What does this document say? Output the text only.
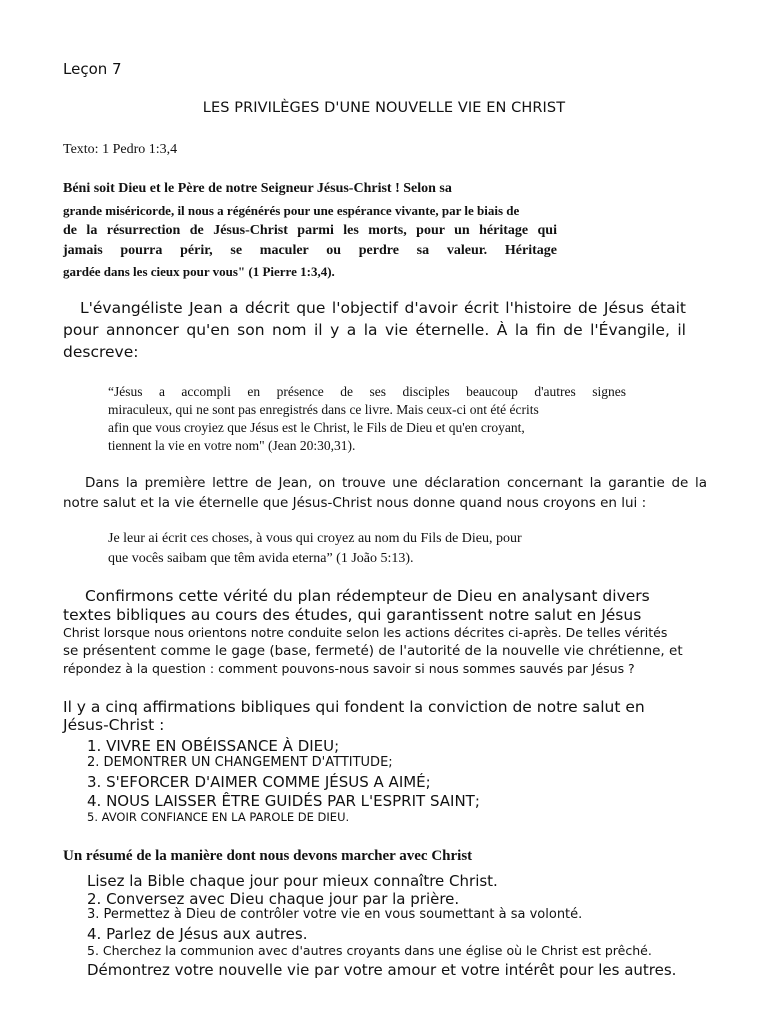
Leçon 7
LES PRIVILÈGES D'UNE NOUVELLE VIE EN CHRIST
Texto: 1 Pedro 1:3,4
Béni soit Dieu et le Père de notre Seigneur Jésus-Christ ! Selon sa
grande miséricorde, il nous a régénérés pour une espérance vivante, par le biais de
de la résurrection de Jésus-Christ parmi les morts, pour un héritage qui
jamais pourra périr, se maculer ou perdre sa valeur. Héritage
gardée dans les cieux pour vous" (1 Pierre 1:3,4).
L'évangéliste Jean a décrit que l'objectif d'avoir écrit l'histoire de Jésus était
pour annoncer qu'en son nom il y a la vie éternelle. À la fin de l'Évangile, il
descreve:
“Jésus a accompli en présence de ses disciples beaucoup d'autres signes
miraculeux, qui ne sont pas enregistrés dans ce livre. Mais ceux-ci ont été écrits
afin que vous croyiez que Jésus est le Christ, le Fils de Dieu et qu'en croyant,
tiennent la vie en votre nom" (Jean 20:30,31).
Dans la première lettre de Jean, on trouve une déclaration concernant la garantie de la
notre salut et la vie éternelle que Jésus-Christ nous donne quand nous croyons en lui :
Je leur ai écrit ces choses, à vous qui croyez au nom du Fils de Dieu, pour
que vocês saibam que têm avida eterna” (1 João 5:13).
Confirmons cette vérité du plan rédempteur de Dieu en analysant divers
textes bibliques au cours des études, qui garantissent notre salut en Jésus
Christ lorsque nous orientons notre conduite selon les actions décrites ci-après. De telles vérités
se présentent comme le gage (base, fermeté) de l'autorité de la nouvelle vie chrétienne, et
répondez à la question : comment pouvons-nous savoir si nous sommes sauvés par Jésus ?
Il y a cinq affirmations bibliques qui fondent la conviction de notre salut en
Jésus-Christ :
1. VIVRE EN OBÉISSANCE À DIEU;
2. DEMONTRER UN CHANGEMENT D'ATTITUDE;
3. S'EFORCER D'AIMER COMME JÉSUS A AIMÉ;
4. NOUS LAISSER ÊTRE GUIDÉS PAR L'ESPRIT SAINT;
5. AVOIR CONFIANCE EN LA PAROLE DE DIEU.
Un résumé de la manière dont nous devons marcher avec Christ
Lisez la Bible chaque jour pour mieux connaître Christ.
2. Conversez avec Dieu chaque jour par la prière.
3. Permettez à Dieu de contrôler votre vie en vous soumettant à sa volonté.
4. Parlez de Jésus aux autres.
5. Cherchez la communion avec d'autres croyants dans une église où le Christ est prêché.
Démontrez votre nouvelle vie par votre amour et votre intérêt pour les autres.
